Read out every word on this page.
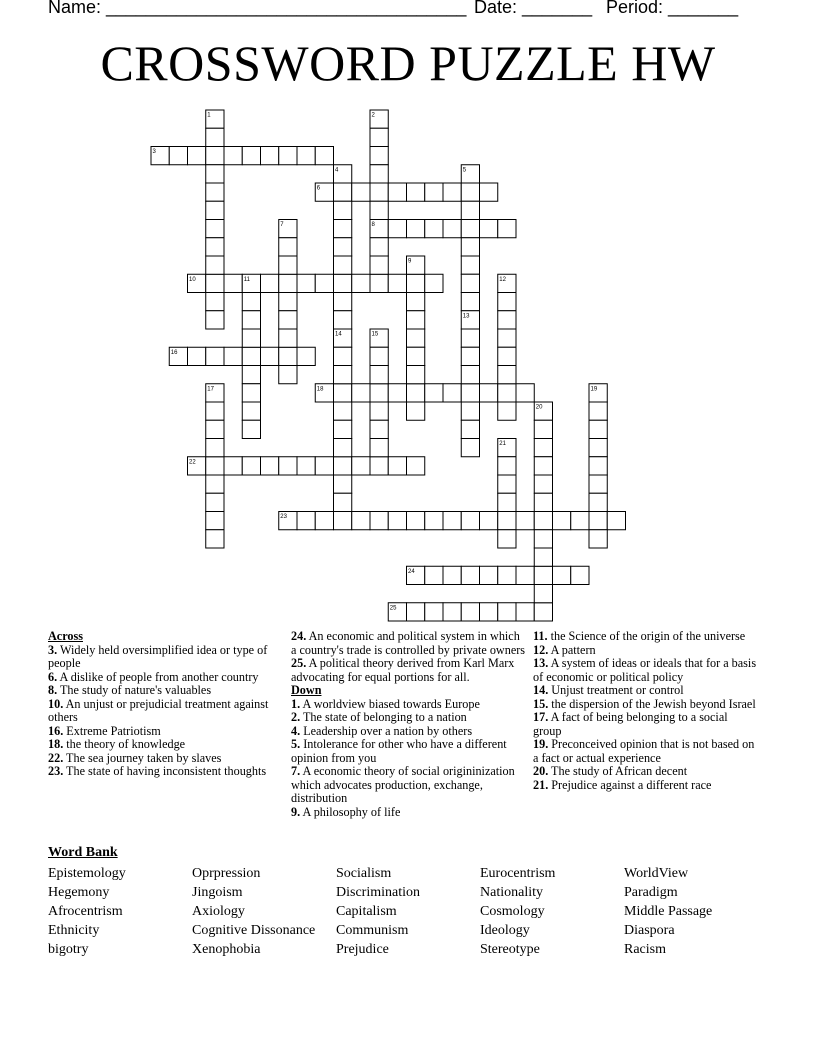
Name: ____________________________________ Date: _______ Period: _______
CROSSWORD PUZZLE HW
3
6
8
10
16
18
22
23
24
25
1	2
4	5
7
9
11	12
13
14	15
17	19
20
21
Across

3. Widely held oversimplified idea or type of people

6. A dislike of people from another country

8. The study of nature's valuables

10. An unjust or prejudicial treatment against others

16. Extreme Patriotism

18. the theory of knowledge

22. The sea journey taken by slaves

23. The state of having inconsistent thoughts

24. An economic and political system in which a country's trade is controlled by private owners

25. A political theory derived from Karl Marx advocating for equal portions for all.

Down

1. A worldview biased towards Europe

2. The state of belonging to a nation

4. Leadership over a nation by others

5. Intolerance for other who have a different opinion from you

7. A economic theory of social origininization which advocates production, exchange, distribution

9. A philosophy of life

11. the Science of the origin of the universe

12. A pattern

13. A system of ideas or ideals that for a basis of economic or political policy

14. Unjust treatment or control

15. the dispersion of the Jewish beyond Israel

17. A fact of being belonging to a social group

19. Preconceived opinion that is not based on a fact or actual experience

20. The study of African decent

21. Prejudice against a different race

Word Bank
Epistemology
Hegemony
Afrocentrism
Ethnicity
bigotry
Oprpression
Jingoism
Axiology
Cognitive Dissonance
Xenophobia
Socialism
Discrimination
Capitalism
Communism
Prejudice
Eurocentrism
Nationality
Cosmology
Ideology
Stereotype
WorldView
Paradigm
Middle Passage
Diaspora
Racism
